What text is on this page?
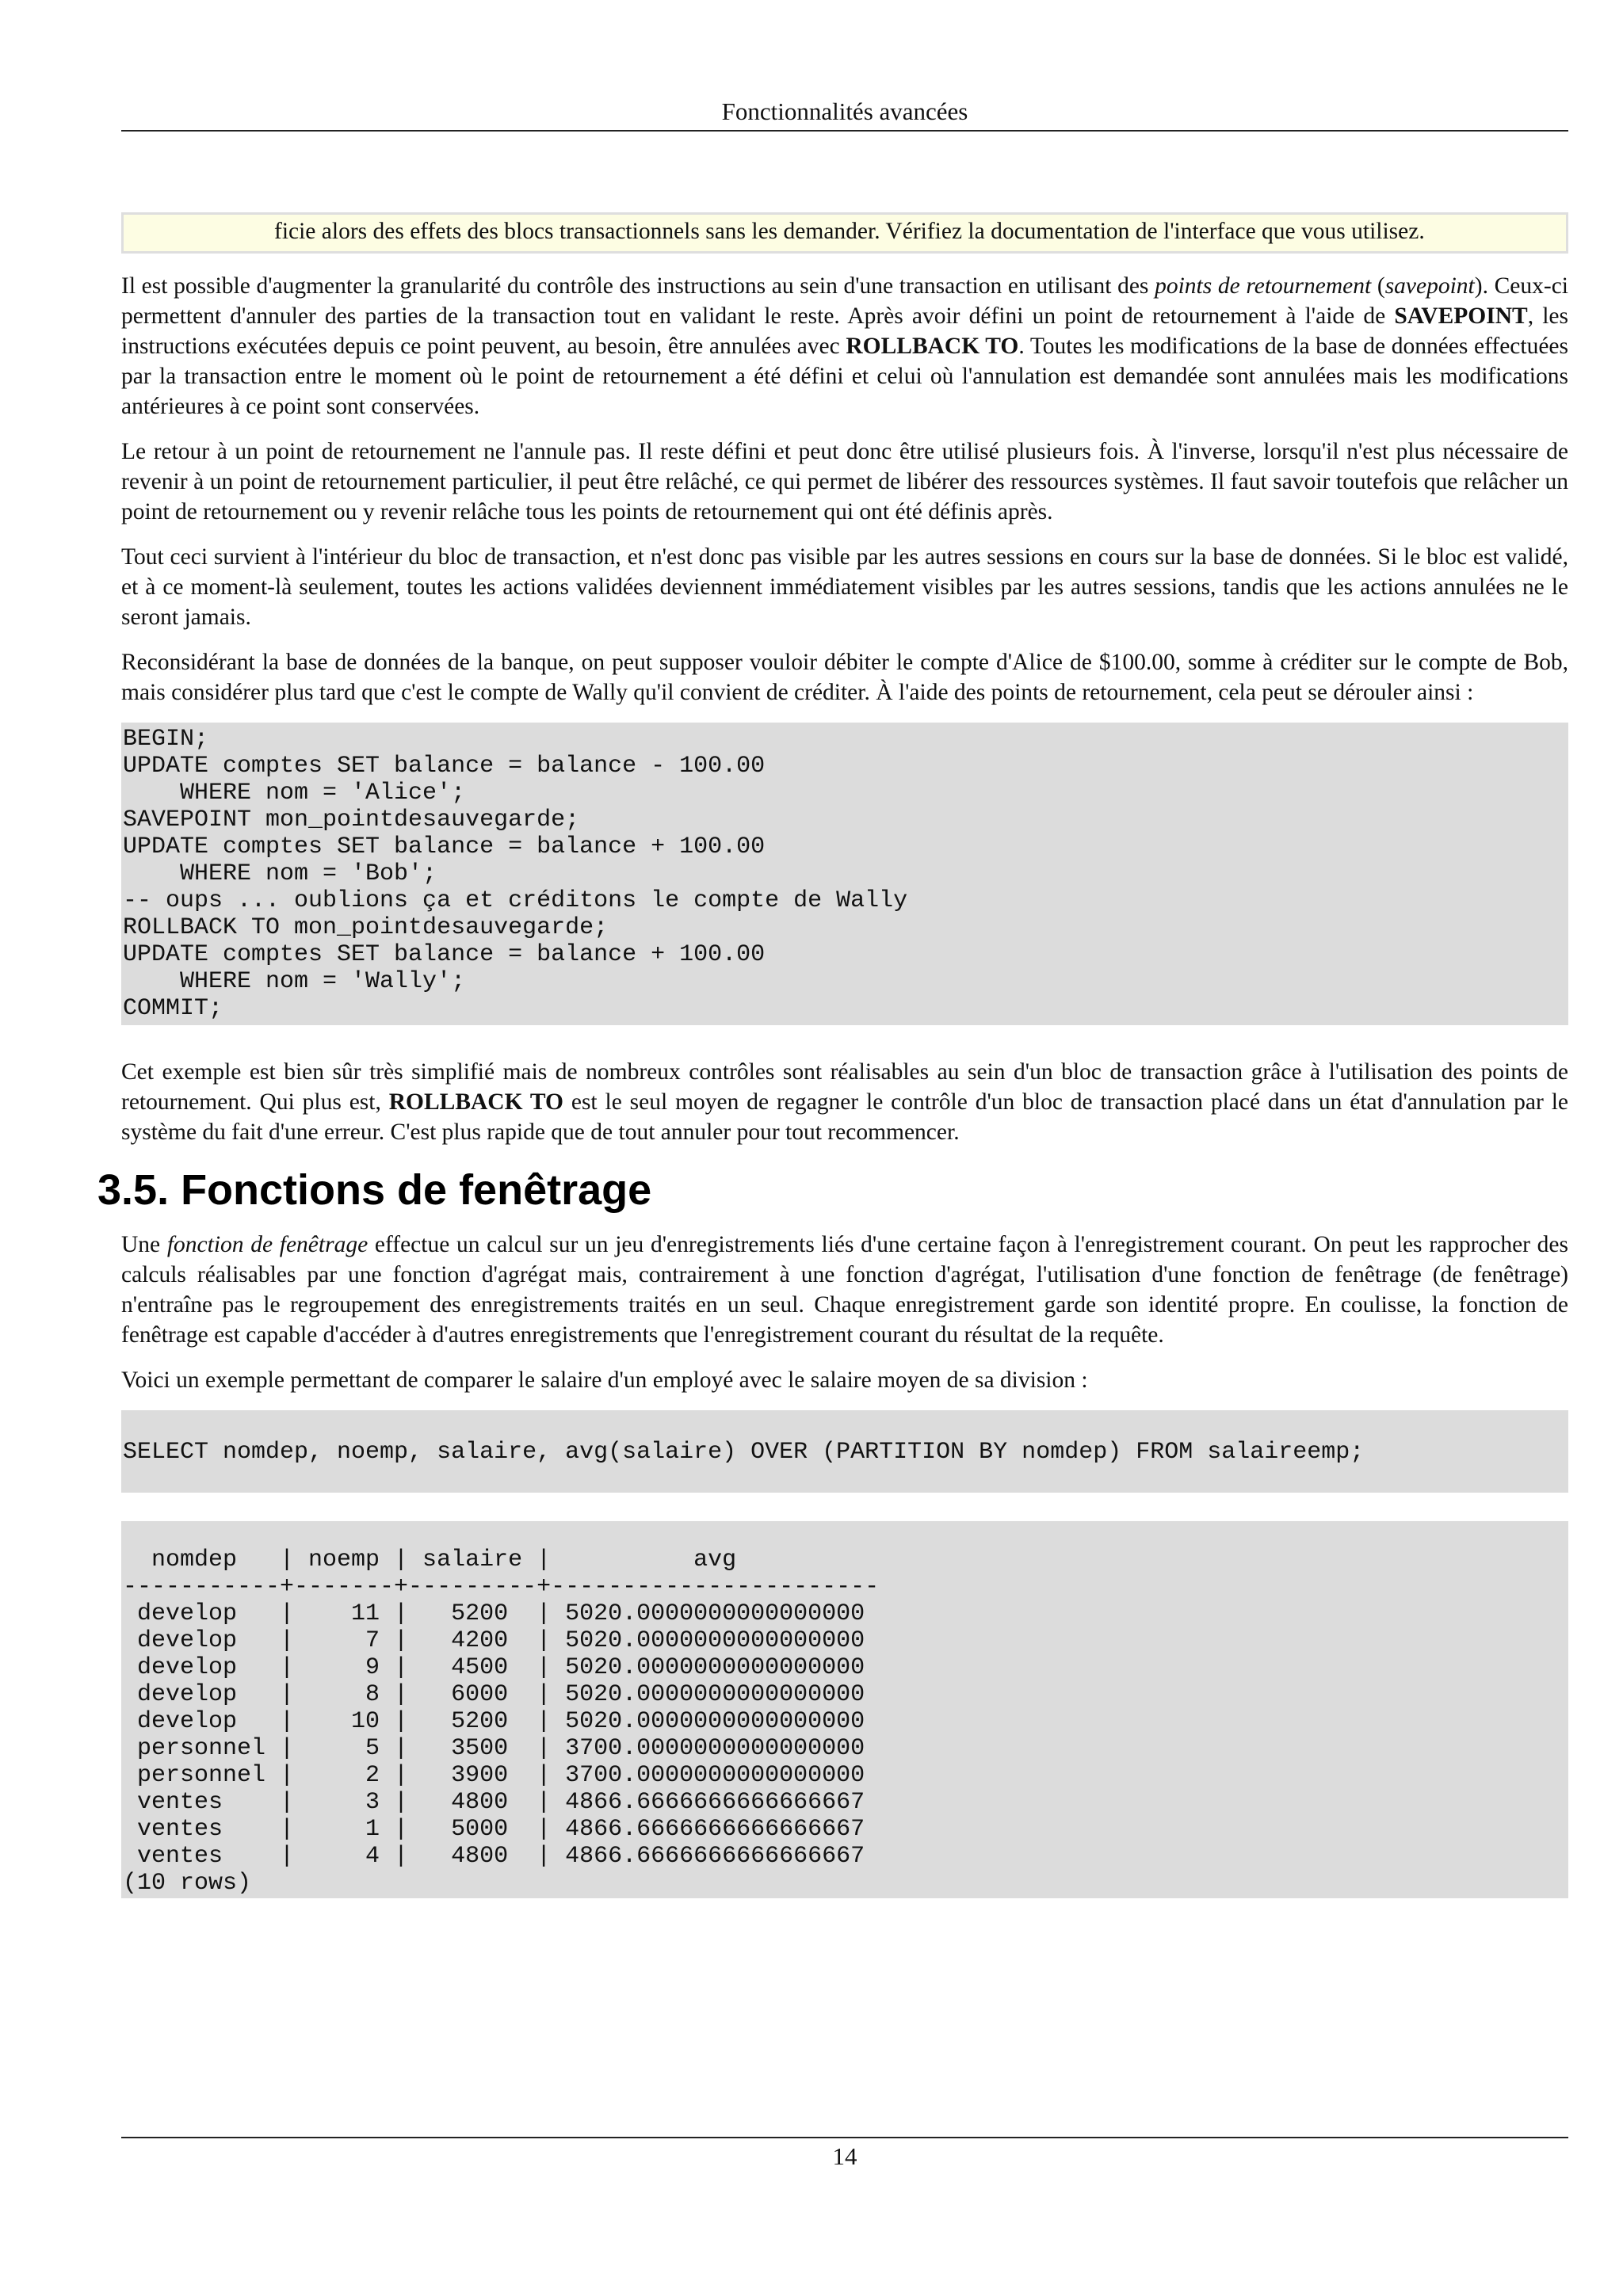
Fonctionnalités avancées
ficie alors des effets des blocs transactionnels sans les demander. Vérifiez la documentation de l'interface que vous utilisez.

Il est possible d'augmenter la granularité du contrôle des instructions au sein d'une transaction en utilisant des points de retournement (savepoint). Ceux-ci permettent d'annuler des parties de la transaction tout en validant le reste. Après avoir défini un point de retournement à l'aide de SAVEPOINT, les instructions exécutées depuis ce point peuvent, au besoin, être annulées avec ROLLBACK TO. Toutes les modifications de la base de données effectuées par la transaction entre le moment où le point de retournement a été défini et celui où l'annulation est demandée sont annulées mais les modifications antérieures à ce point sont conservées.

Le retour à un point de retournement ne l'annule pas. Il reste défini et peut donc être utilisé plusieurs fois. À l'inverse, lorsqu'il n'est plus nécessaire de revenir à un point de retournement particulier, il peut être relâché, ce qui permet de libérer des ressources systèmes. Il faut savoir toutefois que relâcher un point de retournement ou y revenir relâche tous les points de retournement qui ont été définis après.

Tout ceci survient à l'intérieur du bloc de transaction, et n'est donc pas visible par les autres sessions en cours sur la base de données. Si le bloc est validé, et à ce moment-là seulement, toutes les actions validées deviennent immédiatement visibles par les autres sessions, tandis que les actions annulées ne le seront jamais.

Reconsidérant la base de données de la banque, on peut supposer vouloir débiter le compte d'Alice de $100.00, somme à créditer sur le compte de Bob, mais considérer plus tard que c'est le compte de Wally qu'il convient de créditer. À l'aide des points de retournement, cela peut se dérouler ainsi :

BEGIN;
UPDATE comptes SET balance = balance - 100.00
WHERE nom = 'Alice';
SAVEPOINT mon_pointdesauvegarde;
UPDATE comptes SET balance = balance + 100.00
WHERE nom = 'Bob';
-- oups ... oublions ça et créditons le compte de Wally
ROLLBACK TO mon_pointdesauvegarde;
UPDATE comptes SET balance = balance + 100.00
WHERE nom = 'Wally';
COMMIT;

Cet exemple est bien sûr très simplifié mais de nombreux contrôles sont réalisables au sein d'un bloc de transaction grâce à l'utilisation des points de retournement. Qui plus est, ROLLBACK TO est le seul moyen de regagner le contrôle d'un bloc de transaction placé dans un état d'annulation par le système du fait d'une erreur. C'est plus rapide que de tout annuler pour tout recommencer.

3.5. Fonctions de fenêtrage

Une fonction de fenêtrage effectue un calcul sur un jeu d'enregistrements liés d'une certaine façon à l'enregistrement courant. On peut les rapprocher des calculs réalisables par une fonction d'agrégat mais, contrairement à une fonction d'agrégat, l'utilisation d'une fonction de fenêtrage (de fenêtrage) n'entraîne pas le regroupement des enregistrements traités en un seul. Chaque enregistrement garde son identité propre. En coulisse, la fonction de fenêtrage est capable d'accéder à d'autres enregistrements que l'enregistrement courant du résultat de la requête.

Voici un exemple permettant de comparer le salaire d'un employé avec le salaire moyen de sa division :

SELECT nomdep, noemp, salaire, avg(salaire) OVER (PARTITION BY nomdep) FROM salaireemp;
nomdep   | noemp | salaire |          avg
-----------+-------+---------+-----------------------
develop   |    11 |   5200  | 5020.0000000000000000
develop   |     7 |   4200  | 5020.0000000000000000
develop   |     9 |   4500  | 5020.0000000000000000
develop   |     8 |   6000  | 5020.0000000000000000
develop   |    10 |   5200  | 5020.0000000000000000
personnel |     5 |   3500  | 3700.0000000000000000
personnel |     2 |   3900  | 3700.0000000000000000
ventes    |     3 |   4800  | 4866.6666666666666667
ventes    |     1 |   5000  | 4866.6666666666666667
ventes    |     4 |   4800  | 4866.6666666666666667
(10 rows)
14
